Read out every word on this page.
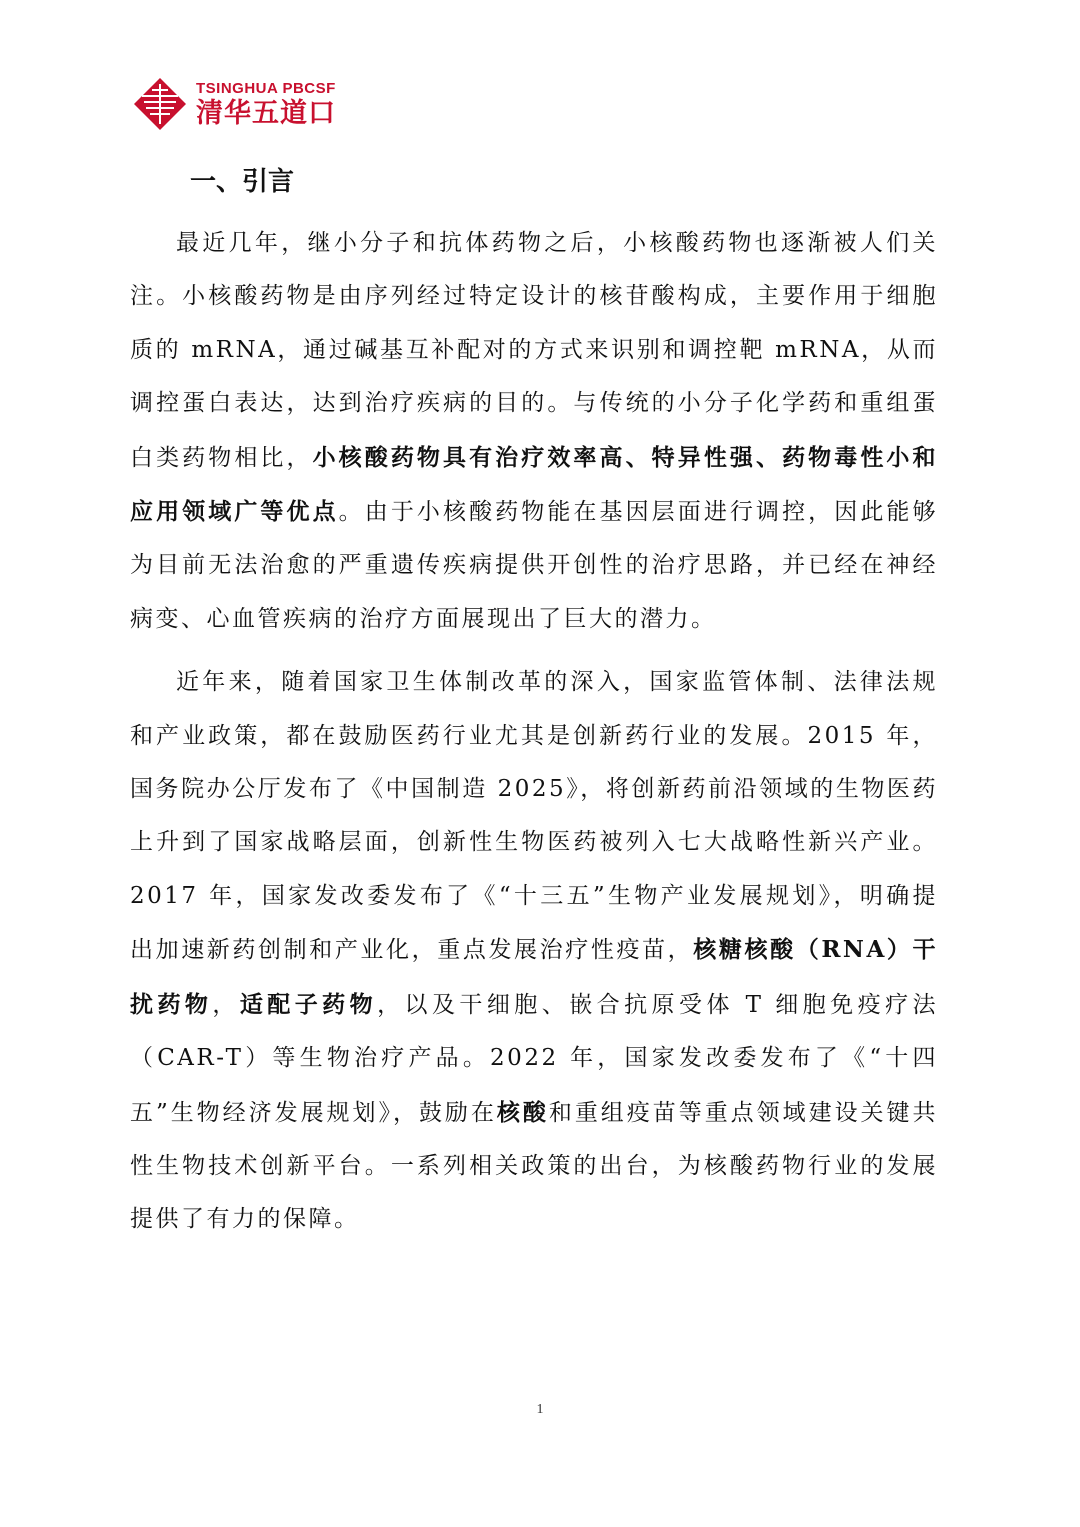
TSINGHUA PBCSF
清华五道口
一、引言

最近几年，继小分子和抗体药物之后，小核酸药物也逐渐被人们关注。小核酸药物是由序列经过特定设计的核苷酸构成，主要作用于细胞质的 mRNA，通过碱基互补配对的方式来识别和调控靶 mRNA，从而调控蛋白表达，达到治疗疾病的目的。与传统的小分子化学药和重组蛋白类药物相比，小核酸药物具有治疗效率高、特异性强、药物毒性小和应用领域广等优点。由于小核酸药物能在基因层面进行调控，因此能够为目前无法治愈的严重遗传疾病提供开创性的治疗思路，并已经在神经病变、心血管疾病的治疗方面展现出了巨大的潜力。

近年来，随着国家卫生体制改革的深入，国家监管体制、法律法规和产业政策，都在鼓励医药行业尤其是创新药行业的发展。2015 年，国务院办公厅发布了《中国制造 2025》，将创新药前沿领域的生物医药上升到了国家战略层面，创新性生物医药被列入七大战略性新兴产业。2017 年，国家发改委发布了《“十三五”生物产业发展规划》，明确提出加速新药创制和产业化，重点发展治疗性疫苗，核糖核酸（RNA）干扰药物，适配子药物，以及干细胞、嵌合抗原受体 T 细胞免疫疗法（CAR-T）等生物治疗产品。2022 年，国家发改委发布了《“十四五”生物经济发展规划》，鼓励在核酸和重组疫苗等重点领域建设关键共性生物技术创新平台。一系列相关政策的出台，为核酸药物行业的发展提供了有力的保障。

1
